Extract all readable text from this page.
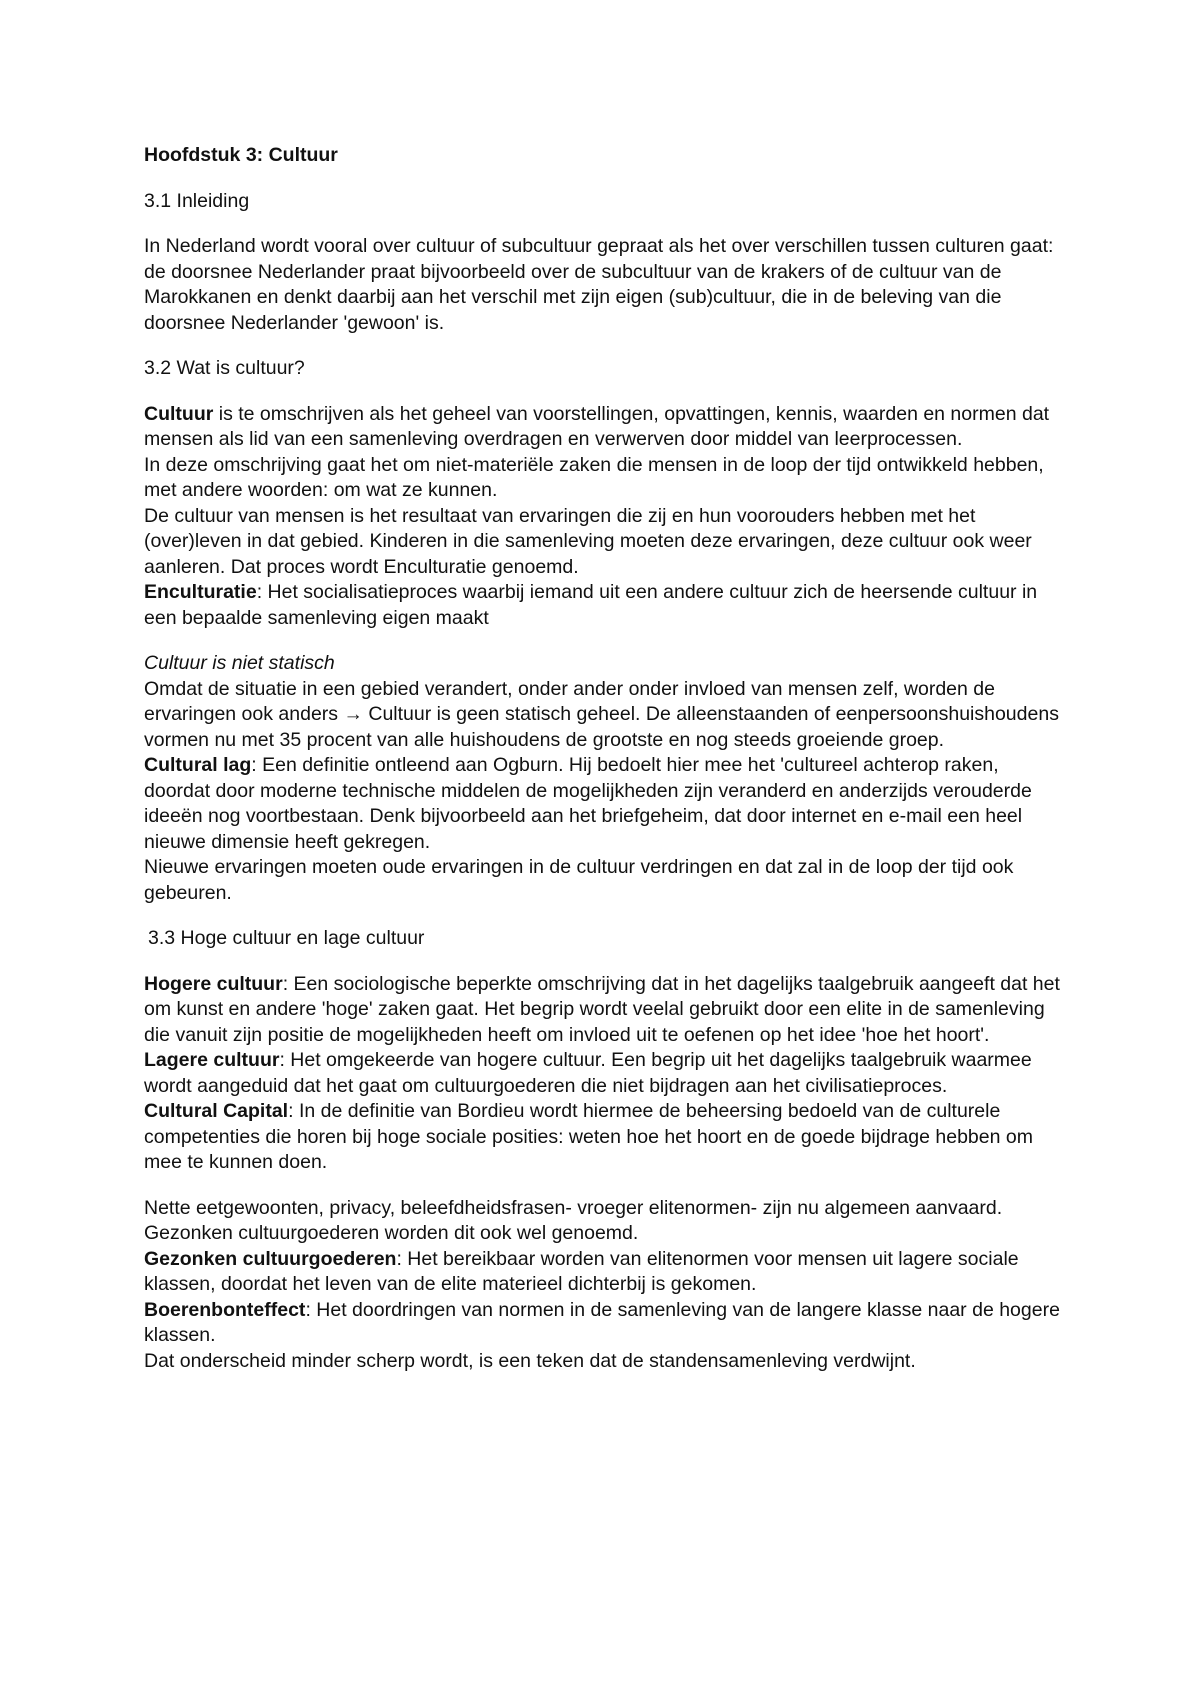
Hoofdstuk 3: Cultuur

3.1 Inleiding

In Nederland wordt vooral over cultuur of subcultuur gepraat als het over verschillen tussen culturen gaat: de doorsnee Nederlander praat bijvoorbeeld over de subcultuur van de krakers of de cultuur van de Marokkanen en denkt daarbij aan het verschil met zijn eigen (sub)cultuur, die in de beleving van die doorsnee Nederlander 'gewoon' is.

3.2 Wat is cultuur?

Cultuur is te omschrijven als het geheel van voorstellingen, opvattingen, kennis, waarden en normen dat mensen als lid van een samenleving overdragen en verwerven door middel van leerprocessen.

In deze omschrijving gaat het om niet-materiële zaken die mensen in de loop der tijd ontwikkeld hebben, met andere woorden: om wat ze kunnen.

De cultuur van mensen is het resultaat van ervaringen die zij en hun voorouders hebben met het (over)leven in dat gebied. Kinderen in die samenleving moeten deze ervaringen, deze cultuur ook weer aanleren. Dat proces wordt Enculturatie genoemd.

Enculturatie: Het socialisatieproces waarbij iemand uit een andere cultuur zich de heersende cultuur in een bepaalde samenleving eigen maakt

Cultuur is niet statisch

Omdat de situatie in een gebied verandert, onder ander onder invloed van mensen zelf, worden de ervaringen ook anders → Cultuur is geen statisch geheel. De alleenstaanden of eenpersoonshuishoudens vormen nu met 35 procent van alle huishoudens de grootste en nog steeds groeiende groep.

Cultural lag: Een definitie ontleend aan Ogburn. Hij bedoelt hier mee het 'cultureel achterop raken, doordat door moderne technische middelen de mogelijkheden zijn veranderd en anderzijds verouderde ideeën nog voortbestaan. Denk bijvoorbeeld aan het briefgeheim, dat door internet en e-mail een heel nieuwe dimensie heeft gekregen.

Nieuwe ervaringen moeten oude ervaringen in de cultuur verdringen en dat zal in de loop der tijd ook gebeuren.

3.3 Hoge cultuur en lage cultuur

Hogere cultuur: Een sociologische beperkte omschrijving dat in het dagelijks taalgebruik aangeeft dat het om kunst en andere 'hoge' zaken gaat. Het begrip wordt veelal gebruikt door een elite in de samenleving die vanuit zijn positie de mogelijkheden heeft om invloed uit te oefenen op het idee 'hoe het hoort'.

Lagere cultuur: Het omgekeerde van hogere cultuur. Een begrip uit het dagelijks taalgebruik waarmee wordt aangeduid dat het gaat om cultuurgoederen die niet bijdragen aan het civilisatieproces.

Cultural Capital: In de definitie van Bordieu wordt hiermee de beheersing bedoeld van de culturele competenties die horen bij hoge sociale posities: weten hoe het hoort en de goede bijdrage hebben om mee te kunnen doen.

Nette eetgewoonten, privacy, beleefdheidsfrasen- vroeger elitenormen- zijn nu algemeen aanvaard. Gezonken cultuurgoederen worden dit ook wel genoemd.

Gezonken cultuurgoederen: Het bereikbaar worden van elitenormen voor mensen uit lagere sociale klassen, doordat het leven van de elite materieel dichterbij is gekomen.

Boerenbonteffect: Het doordringen van normen in de samenleving van de langere klasse naar de hogere klassen.

Dat onderscheid minder scherp wordt, is een teken dat de standensamenleving verdwijnt.
